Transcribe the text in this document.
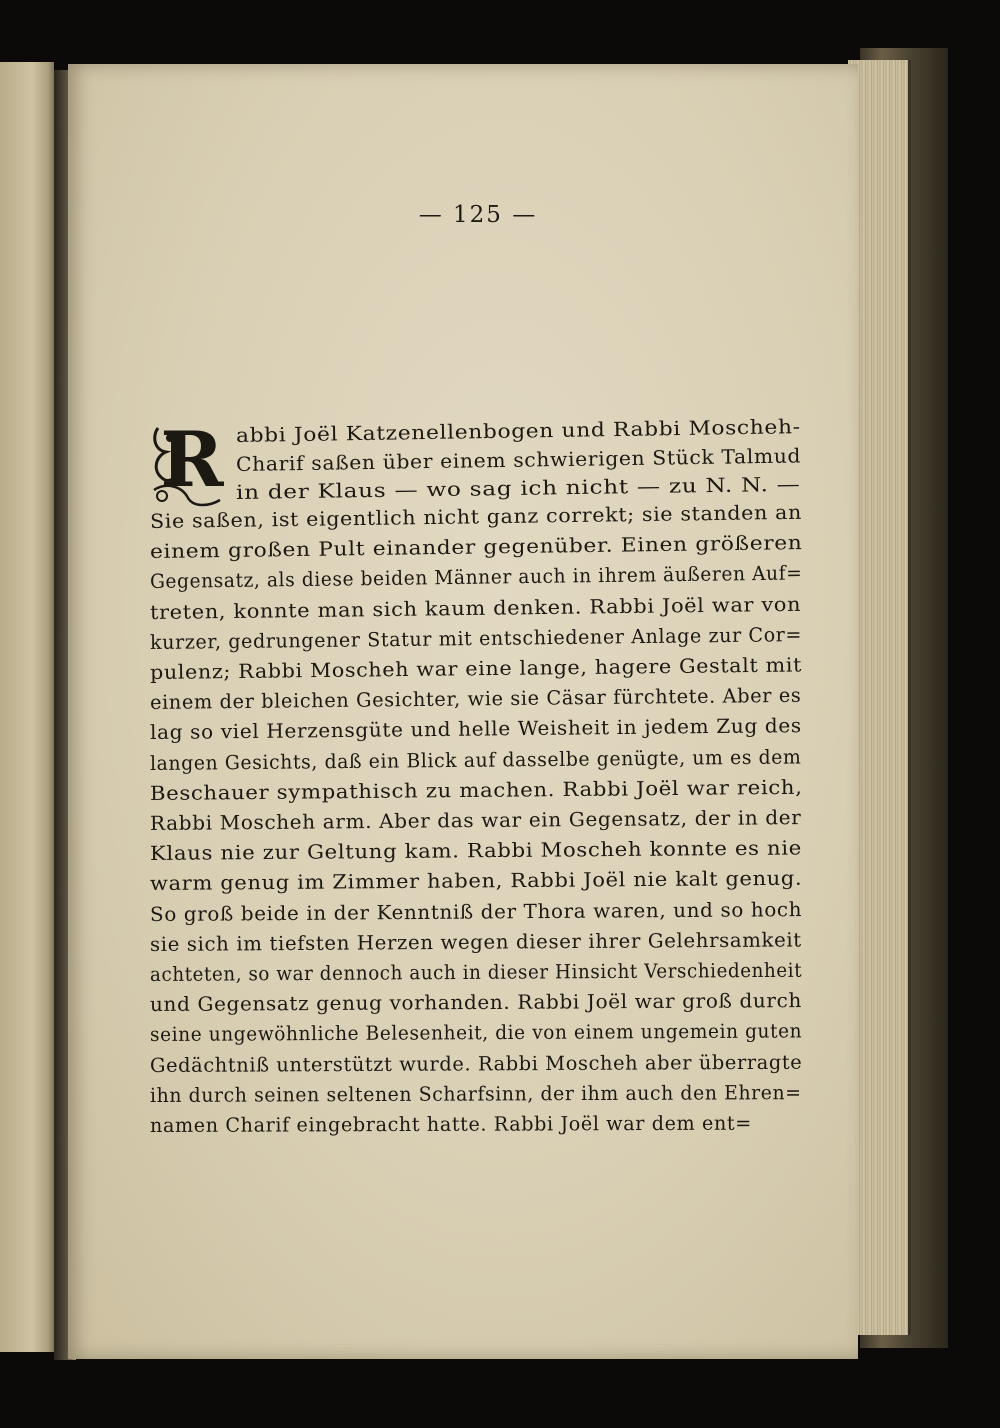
— 125 —
R abbi Joël Katzenellenbogen und Rabbi Moscheh-
Charif saßen über einem schwierigen Stück Talmud
in der Klaus — wo sag ich nicht — zu N. N. —
Sie saßen, ist eigentlich nicht ganz correkt; sie standen an
einem großen Pult einander gegenüber. Einen größeren
Gegensatz, als diese beiden Männer auch in ihrem äußeren Auf=
treten, konnte man sich kaum denken. Rabbi Joël war von
kurzer, gedrungener Statur mit entschiedener Anlage zur Cor=
pulenz; Rabbi Moscheh war eine lange, hagere Gestalt mit
einem der bleichen Gesichter, wie sie Cäsar fürchtete. Aber es
lag so viel Herzensgüte und helle Weisheit in jedem Zug des
langen Gesichts, daß ein Blick auf dasselbe genügte, um es dem
Beschauer sympathisch zu machen. Rabbi Joël war reich,
Rabbi Moscheh arm. Aber das war ein Gegensatz, der in der
Klaus nie zur Geltung kam. Rabbi Moscheh konnte es nie
warm genug im Zimmer haben, Rabbi Joël nie kalt genug.
So groß beide in der Kenntniß der Thora waren, und so hoch
sie sich im tiefsten Herzen wegen dieser ihrer Gelehrsamkeit
achteten, so war dennoch auch in dieser Hinsicht Verschiedenheit
und Gegensatz genug vorhanden. Rabbi Joël war groß durch
seine ungewöhnliche Belesenheit, die von einem ungemein guten
Gedächtniß unterstützt wurde. Rabbi Moscheh aber überragte
ihn durch seinen seltenen Scharfsinn, der ihm auch den Ehren=
namen Charif eingebracht hatte. Rabbi Joël war dem ent=
